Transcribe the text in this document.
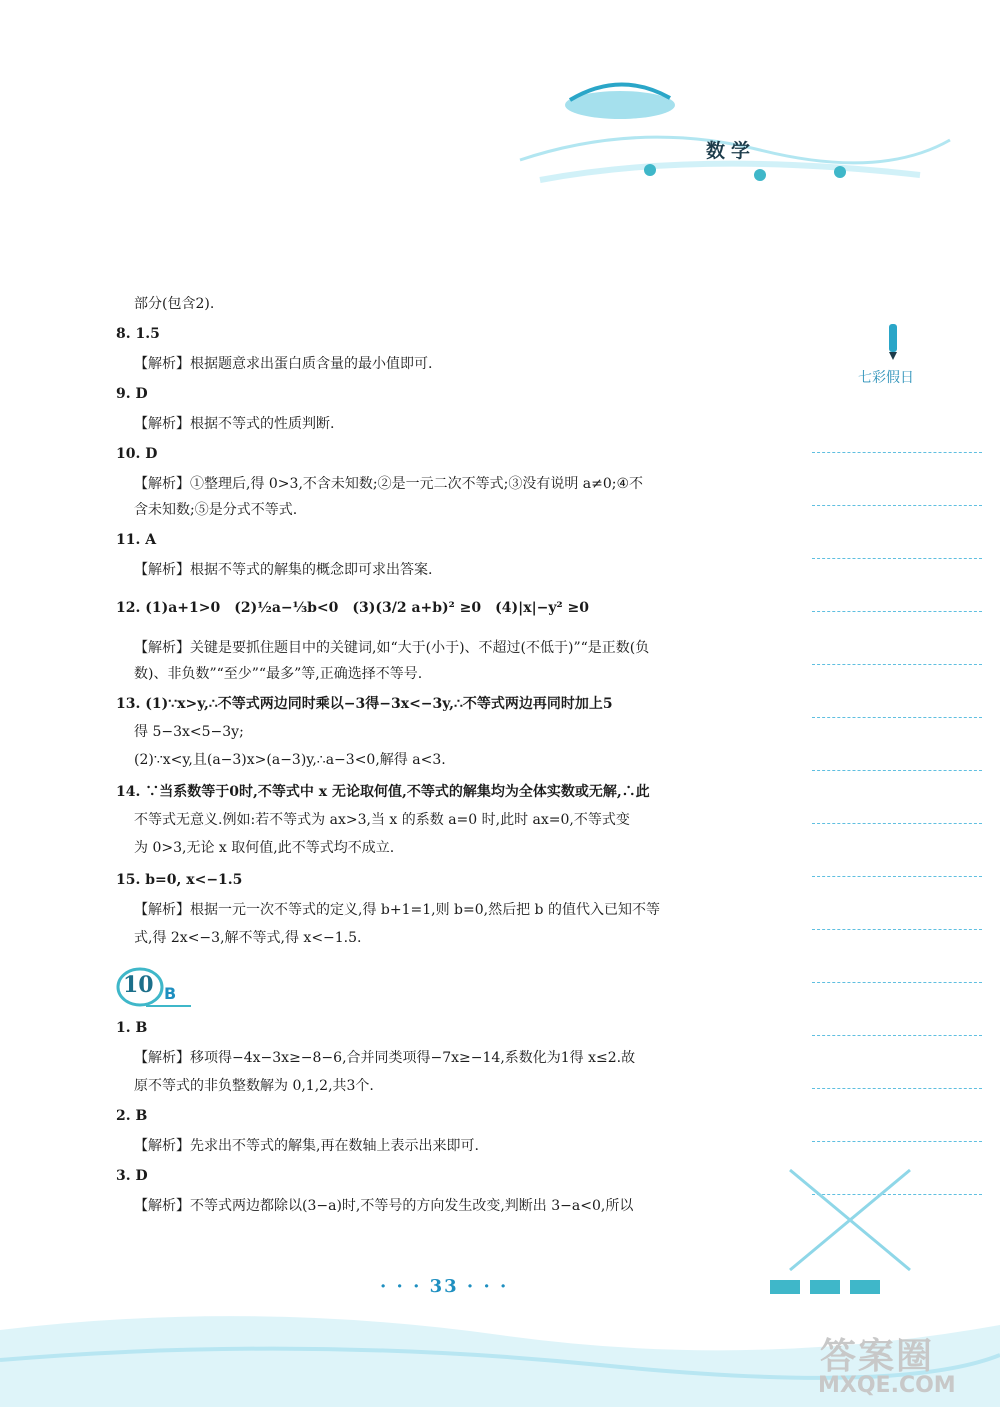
数学
七彩假日
部分(包含2).
8. 1.5
【解析】根据题意求出蛋白质含量的最小值即可.
9. D
【解析】根据不等式的性质判断.
10. D
【解析】①整理后,得 0>3,不含未知数;②是一元二次不等式;③没有说明 a≠0;④不
含未知数;⑤是分式不等式.
11. A
【解析】根据不等式的解集的概念即可求出答案.
12. (1)a+1>0　(2)½a−⅓b<0　(3)(3/2 a+b)² ≥0　(4)|x|−y² ≥0
【解析】关键是要抓住题目中的关键词,如“大于(小于)、不超过(不低于)”“是正数(负
数)、非负数”“至少”“最多”等,正确选择不等号.
13. (1)∵x>y,∴不等式两边同时乘以−3得−3x<−3y,∴不等式两边再同时加上5
得 5−3x<5−3y;
(2)∵x<y,且(a−3)x>(a−3)y,∴a−3<0,解得 a<3.
14. ∵当系数等于0时,不等式中 x 无论取何值,不等式的解集均为全体实数或无解,∴此
不等式无意义.例如:若不等式为 ax>3,当 x 的系数 a=0 时,此时 ax=0,不等式变
为 0>3,无论 x 取何值,此不等式均不成立.
15. b=0, x<−1.5
【解析】根据一元一次不等式的定义,得 b+1=1,则 b=0,然后把 b 的值代入已知不等
式,得 2x<−3,解不等式,得 x<−1.5.
1. B
【解析】移项得−4x−3x≥−8−6,合并同类项得−7x≥−14,系数化为1得 x≤2.故
原不等式的非负整数解为 0,1,2,共3个.
2. B
【解析】先求出不等式的解集,再在数轴上表示出来即可.
3. D
【解析】不等式两边都除以(3−a)时,不等号的方向发生改变,判断出 3−a<0,所以
10 B
· · · 33 · · ·
答案圈
MXQE.COM
